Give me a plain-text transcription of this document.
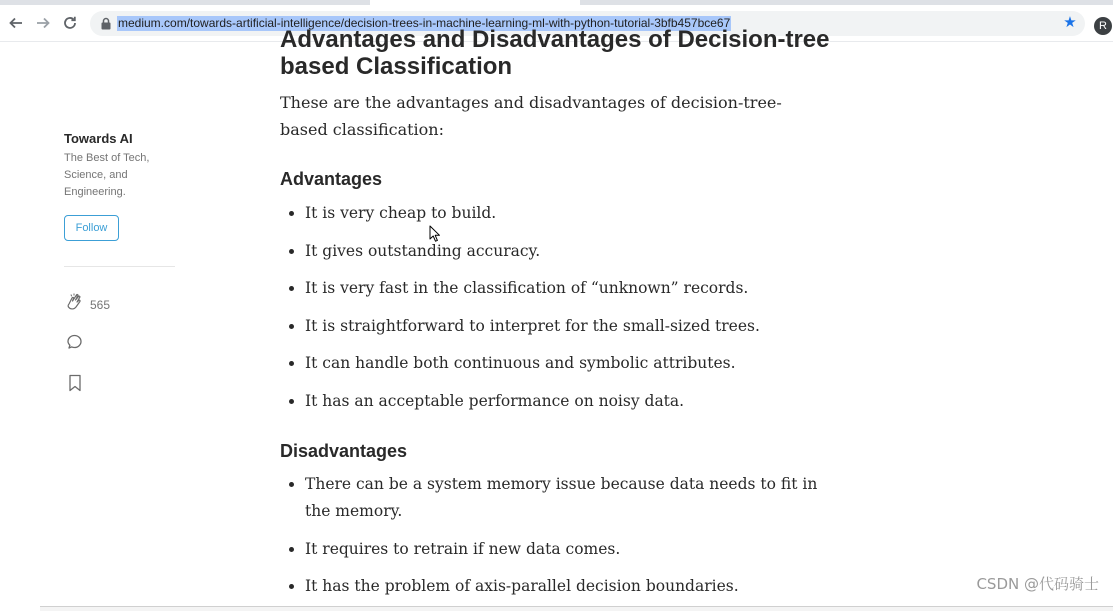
medium.com/towards-artificial-intelligence/decision-trees-in-machine-learning-ml-with-python-tutorial-3bfb457bce67	★	R
Towards AI
The Best of Tech, Science, and Engineering.
Follow
565
Advantages and Disadvantages of Decision-tree
based Classification
These are the advantages and disadvantages of decision-tree-based classification:
Advantages
It is very cheap to build.
It gives outstanding accuracy.
It is very fast in the classification of “unknown” records.
It is straightforward to interpret for the small-sized trees.
It can handle both continuous and symbolic attributes.
It has an acceptable performance on noisy data.
Disadvantages
There can be a system memory issue because data needs to fit in the memory.
It requires to retrain if new data comes.
It has the problem of axis-parallel decision boundaries.	CSDN @代码骑士
